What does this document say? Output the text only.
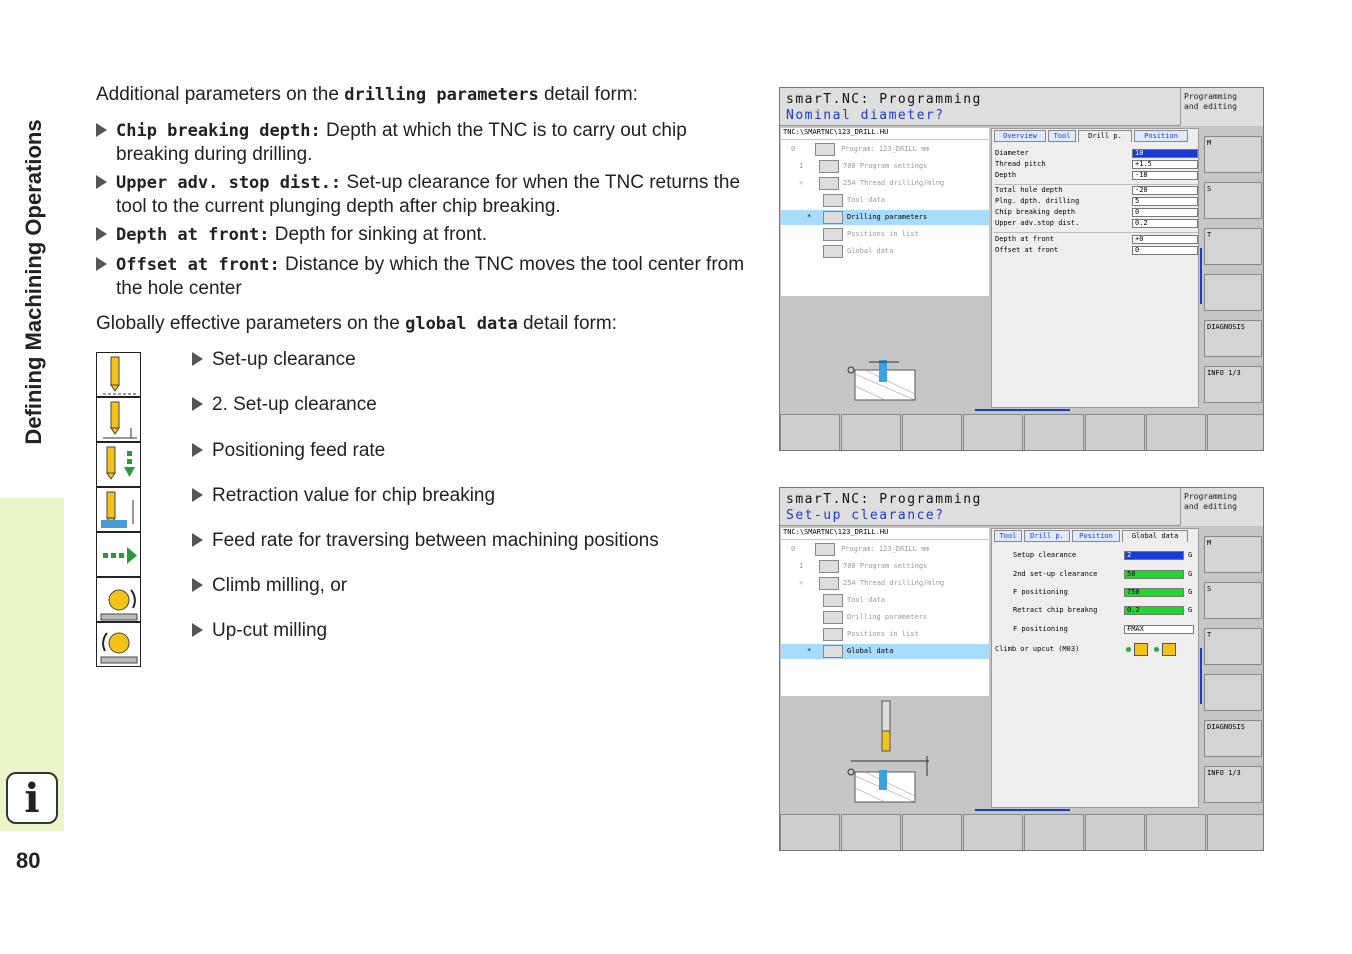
Defining Machining Operations
i
80
Additional parameters on the drilling parameters detail form:
Chip breaking depth: Depth at which the TNC is to carry out chip breaking during drilling.
Upper adv. stop dist.: Set-up clearance for when the TNC returns the tool to the current plunging depth after chip breaking.
Depth at front: Depth for sinking at front.
Offset at front: Distance by which the TNC moves the tool center from the hole center
Globally effective parameters on the global data detail form:
Set-up clearance
2. Set-up clearance
Positioning feed rate
Retraction value for chip breaking
Feed rate for traversing between machining positions
Climb milling, or
Up-cut milling
smarT.NC: Programming
Nominal diameter?
Programming
and editing
TNC:\SMARTNC\123_DRILL.HU
0	Program: 123_DRILL mm
1	700 Program settings
+	254 Thread drilling/mlng
Tool data
*	Drilling parameters
Positions in list
Global data
Overview	Tool	Drill p.	Position
Diameter	10
Thread pitch	+1.5
Depth	-18
Total hole depth	-20
Plng. dpth. drilling	5
Chip breaking depth	0
Upper adv.stop dist.	0.2
Depth at front	+0
Offset at front	0
M
S
T
DIAGNOSIS
INFO 1/3
smarT.NC: Programming
Set-up clearance?
Programming
and editing
TNC:\SMARTNC\123_DRILL.HU
0	Program: 123_DRILL mm
1	700 Program settings
+	254 Thread drilling/mlng
Tool data
Drilling parameters
Positions in list
*	Global data
Tool	Drill p.	Position	Global data
Setup clearance	2	G
2nd set-up clearance	50	G
F positioning	750	G
Retract chip breakng	0.2	G
F positioning	FMAX
Climb or upcut (M03)
M
S
T
DIAGNOSIS
INFO 1/3
